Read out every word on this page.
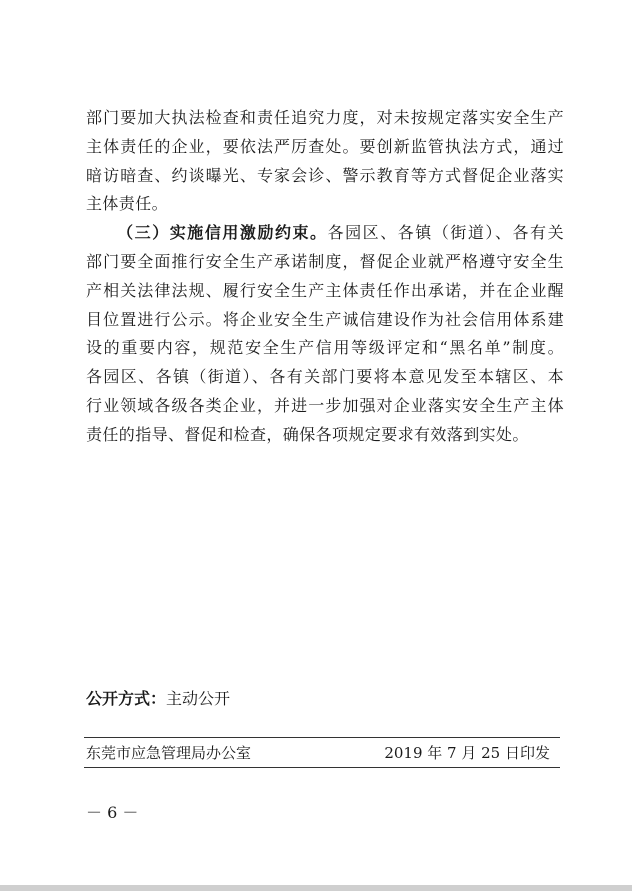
部门要加大执法检查和责任追究力度，对未按规定落实安全生产
主体责任的企业，要依法严厉查处。要创新监管执法方式，通过
暗访暗查、约谈曝光、专家会诊、警示教育等方式督促企业落实
主体责任。

（三）实施信用激励约束。各园区、各镇（街道）、各有关
部门要全面推行安全生产承诺制度，督促企业就严格遵守安全生
产相关法律法规、履行安全生产主体责任作出承诺，并在企业醒
目位置进行公示。将企业安全生产诚信建设作为社会信用体系建
设的重要内容，规范安全生产信用等级评定和“黑名单”制度。
各园区、各镇（街道）、各有关部门要将本意见发至本辖区、本
行业领域各级各类企业，并进一步加强对企业落实安全生产主体
责任的指导、督促和检查，确保各项规定要求有效落到实处。

公开方式：主动公开
东莞市应急管理局办公室	2019 年 7 月 25 日印发
－ 6 －
